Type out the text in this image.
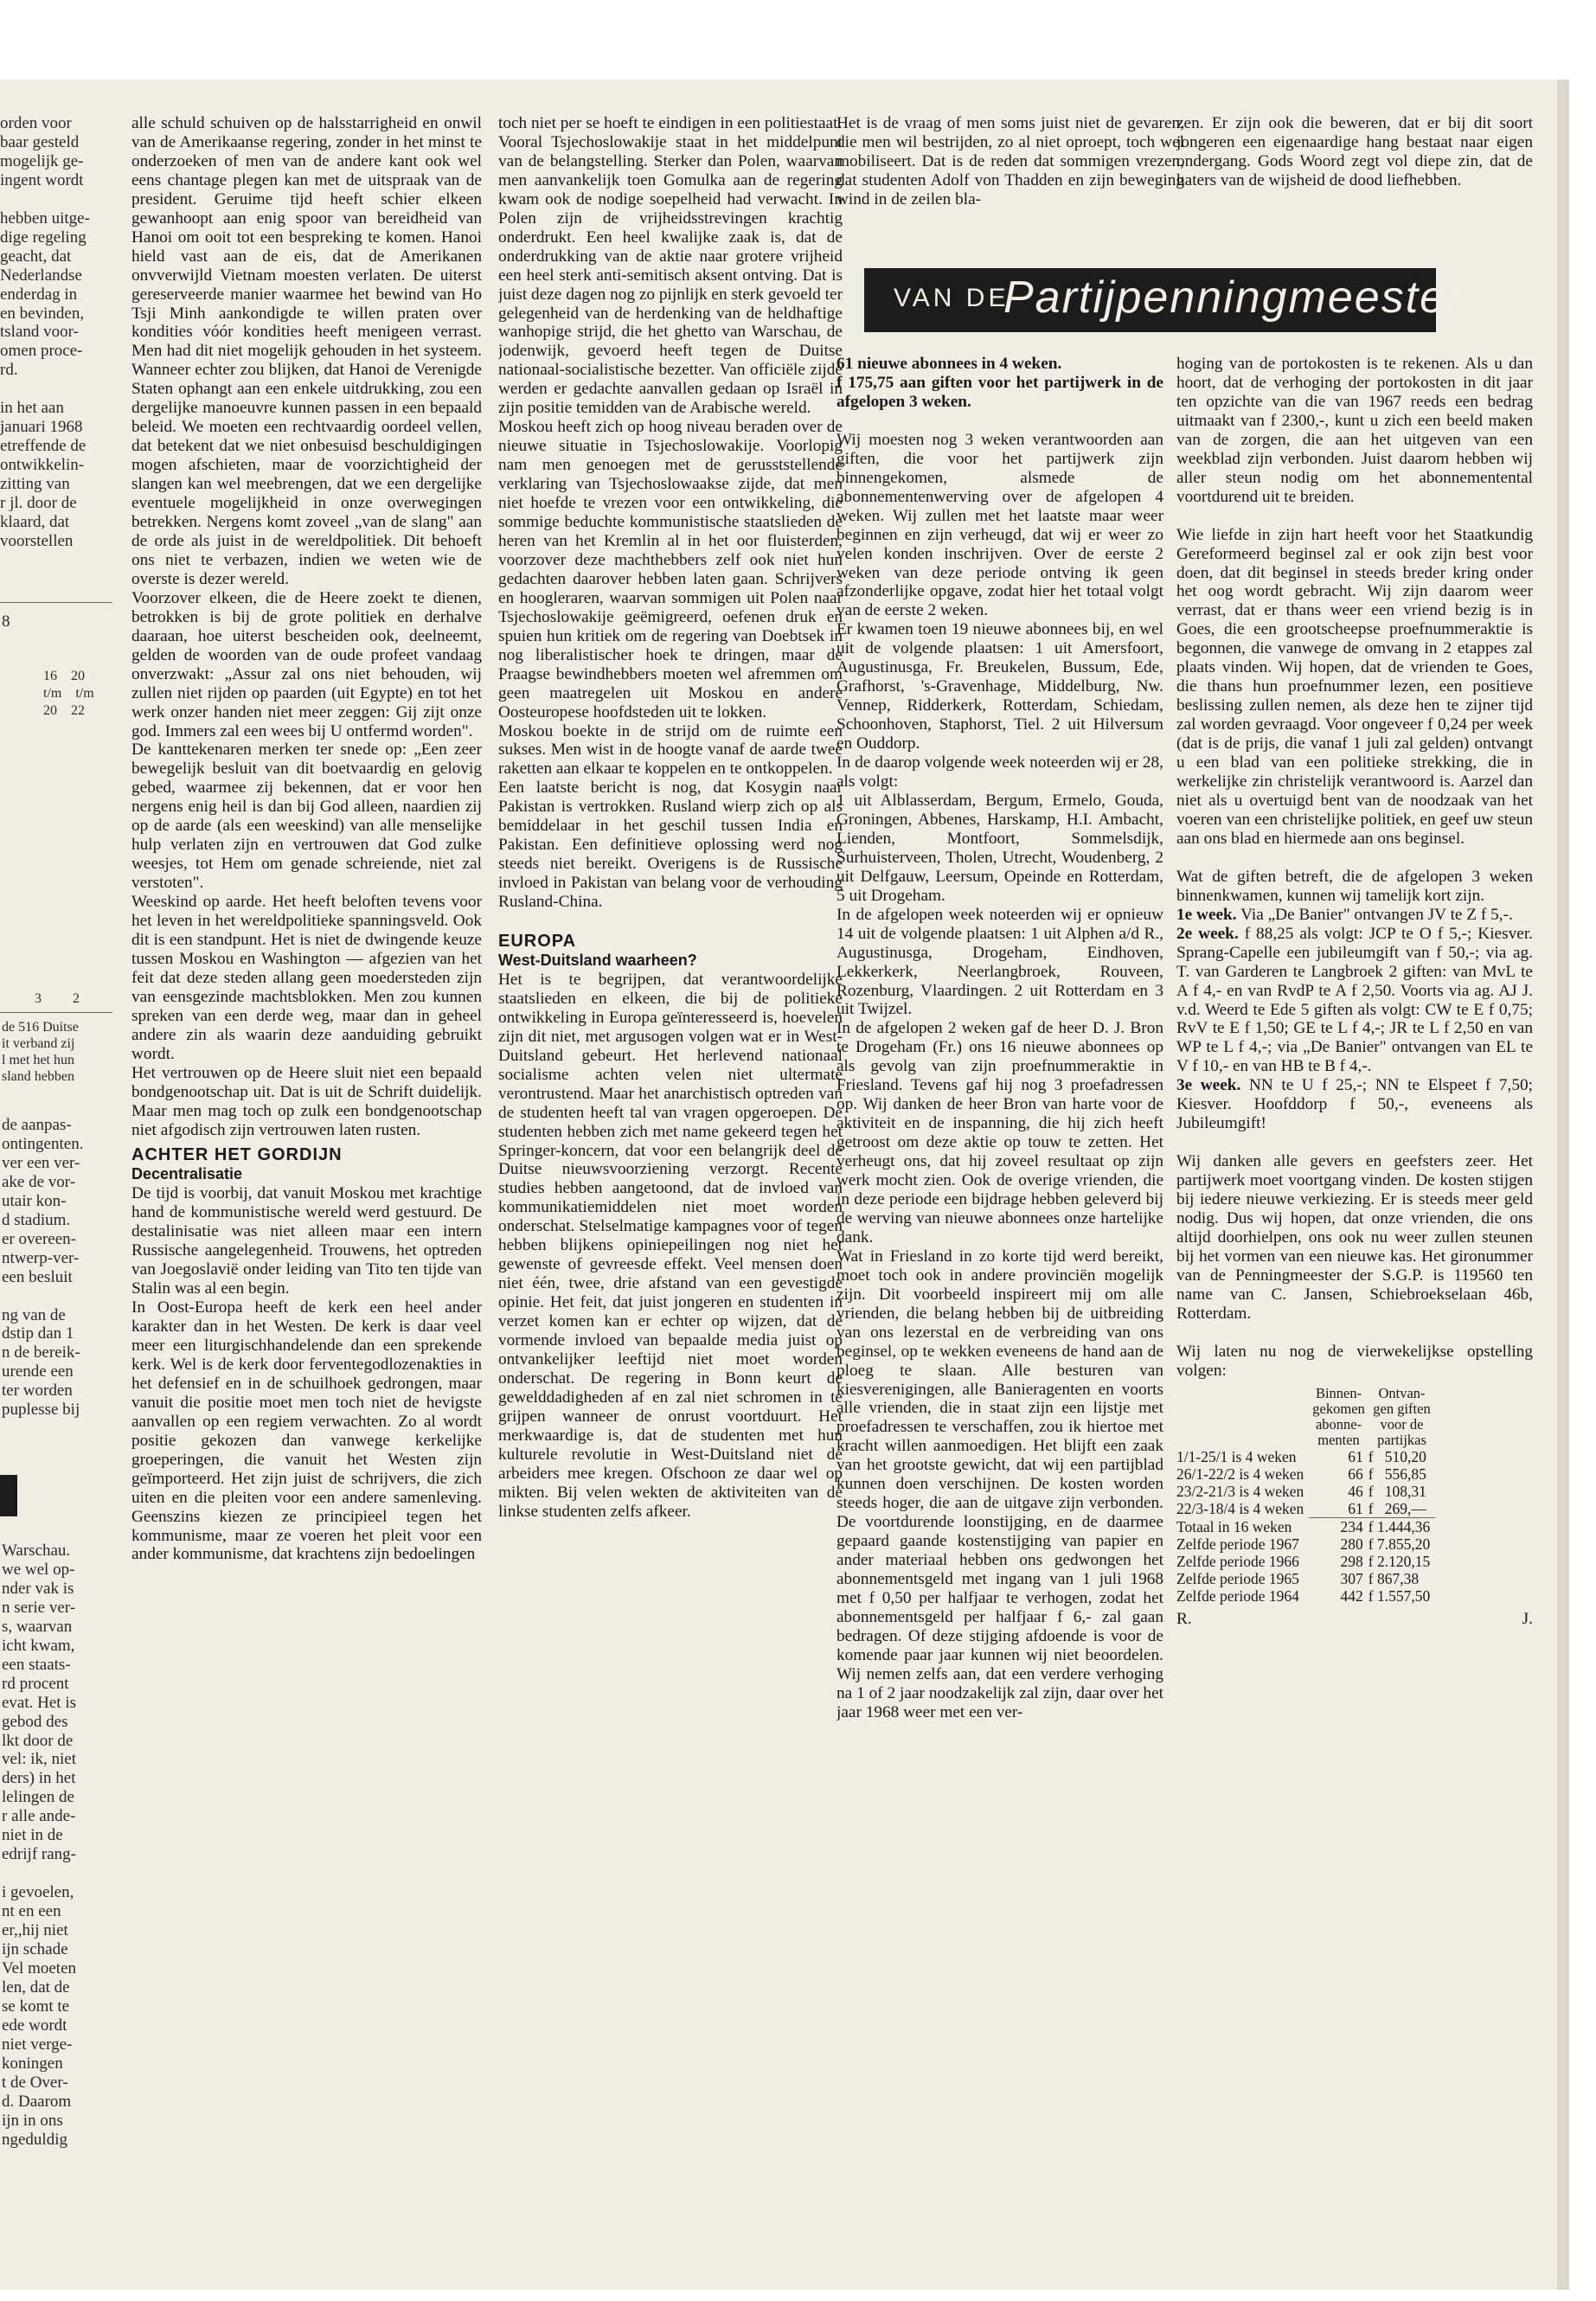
orden voor
baar gesteld
mogelijk ge-
ingent wordt

hebben uitge-
dige regeling
geacht, dat
Nederlandse
enderdag in
en bevinden,
tsland voor-
omen proce-
rd.

in het aan
januari 1968
etreffende de
ontwikkelin-
zitting van
r jl. door de
klaard, dat
voorstellen
8
16 20
t/m t/m
20 22
3 2
de 516 Duitse
it verband zij
l met het hun
sland hebben
de aanpas-
ontingenten.
ver een ver-
ake de vor-
utair kon-
d stadium.
er overeen-
ntwerp-ver-
een besluit

ng van de
dstip dan 1
n de bereik-
urende een
ter worden
puplesse bij
Warschau.
we wel op-
nder vak is
n serie ver-
s, waarvan
icht kwam,
een staats-
rd procent
evat. Het is
gebod des
lkt door de
vel: ik, niet
ders) in het
lelingen de
r alle ande-
niet in de
edrijf rang-

i gevoelen,
nt en een
er,,hij niet
ijn schade
Vel moeten
len, dat de
se komt te
ede wordt
niet verge-
koningen
t de Over-
d. Daarom
ijn in ons
ngeduldig

alle schuld schuiven op de halsstarrigheid en onwil van de Amerikaanse regering, zonder in het minst te onderzoeken of men van de andere kant ook wel eens chantage plegen kan met de uitspraak van de president. Geruime tijd heeft schier elkeen gewanhoopt aan enig spoor van bereidheid van Hanoi om ooit tot een bespreking te komen. Hanoi hield vast aan de eis, dat de Amerikanen onvverwijld Vietnam moesten verlaten. De uiterst gereserveerde manier waarmee het bewind van Ho Tsji Minh aankondigde te willen praten over kondities vóór kondities heeft menigeen verrast. Men had dit niet mogelijk gehouden in het systeem. Wanneer echter zou blijken, dat Hanoi de Verenigde Staten ophangt aan een enkele uitdrukking, zou een dergelijke manoeuvre kunnen passen in een bepaald beleid. We moeten een rechtvaardig oordeel vellen, dat betekent dat we niet onbesuisd beschuldigingen mogen afschieten, maar de voorzichtigheid der slangen kan wel meebrengen, dat we een dergelijke eventuele mogelijkheid in onze overwegingen betrekken. Nergens komt zoveel „van de slang" aan de orde als juist in de wereldpolitiek. Dit behoeft ons niet te verbazen, indien we weten wie de overste is dezer wereld.

Voorzover elkeen, die de Heere zoekt te dienen, betrokken is bij de grote politiek en derhalve daaraan, hoe uiterst bescheiden ook, deelneemt, gelden de woorden van de oude profeet vandaag onverzwakt: „Assur zal ons niet behouden, wij zullen niet rijden op paarden (uit Egypte) en tot het werk onzer handen niet meer zeggen: Gij zijt onze god. Immers zal een wees bij U ontfermd worden".

De kanttekenaren merken ter snede op: „Een zeer bewegelijk besluit van dit boetvaardig en gelovig gebed, waarmee zij bekennen, dat er voor hen nergens enig heil is dan bij God alleen, naardien zij op de aarde (als een weeskind) van alle menselijke hulp verlaten zijn en vertrouwen dat God zulke weesjes, tot Hem om genade schreiende, niet zal verstoten".

Weeskind op aarde. Het heeft beloften tevens voor het leven in het wereldpolitieke spanningsveld. Ook dit is een standpunt. Het is niet de dwingende keuze tussen Moskou en Washington — afgezien van het feit dat deze steden allang geen moedersteden zijn van eensgezinde machtsblokken. Men zou kunnen spreken van een derde weg, maar dan in geheel andere zin als waarin deze aanduiding gebruikt wordt.

Het vertrouwen op de Heere sluit niet een bepaald bondgenootschap uit. Dat is uit de Schrift duidelijk. Maar men mag toch op zulk een bondgenootschap niet afgodisch zijn vertrouwen laten rusten.

ACHTER HET GORDIJN
Decentralisatie

De tijd is voorbij, dat vanuit Moskou met krachtige hand de kommunistische wereld werd gestuurd. De destalinisatie was niet alleen maar een intern Russische aangelegenheid. Trouwens, het optreden van Joegoslavië onder leiding van Tito ten tijde van Stalin was al een begin.

In Oost-Europa heeft de kerk een heel ander karakter dan in het Westen. De kerk is daar veel meer een liturgischhandelende dan een sprekende kerk. Wel is de kerk door ferventegodlozenakties in het defensief en in de schuilhoek gedrongen, maar vanuit die positie moet men toch niet de hevigste aanvallen op een regiem verwachten. Zo al wordt positie gekozen dan vanwege kerkelijke groeperingen, die vanuit het Westen zijn geïmporteerd. Het zijn juist de schrijvers, die zich uiten en die pleiten voor een andere samenleving. Geenszins kiezen ze principieel tegen het kommunisme, maar ze voeren het pleit voor een ander kommunisme, dat krachtens zijn bedoelingen

toch niet per se hoeft te eindigen in een politiestaat.

Vooral Tsjechoslowakije staat in het middelpunt van de belangstelling. Sterker dan Polen, waarvan men aanvankelijk toen Gomulka aan de regering kwam ook de nodige soepelheid had verwacht. In Polen zijn de vrijheidsstrevingen krachtig onderdrukt. Een heel kwalijke zaak is, dat de onderdrukking van de aktie naar grotere vrijheid een heel sterk anti-semitisch aksent ontving. Dat is juist deze dagen nog zo pijnlijk en sterk gevoeld ter gelegenheid van de herdenking van de heldhaftige wanhopige strijd, die het ghetto van Warschau, de jodenwijk, gevoerd heeft tegen de Duitse nationaal-socialistische bezetter. Van officiële zijde werden er gedachte aanvallen gedaan op Israël in zijn positie temidden van de Arabische wereld.

Moskou heeft zich op hoog niveau beraden over de nieuwe situatie in Tsjechoslowakije. Voorlopig nam men genoegen met de gerusststellende verklaring van Tsjechoslowaakse zijde, dat men niet hoefde te vrezen voor een ontwikkeling, die sommige beduchte kommunistische staatslieden de heren van het Kremlin al in het oor fluisterden, voorzover deze machthebbers zelf ook niet hun gedachten daarover hebben laten gaan. Schrijvers en hoogleraren, waarvan sommigen uit Polen naar Tsjechoslowakije geëmigreerd, oefenen druk en spuien hun kritiek om de regering van Doebtsek in nog liberalistischer hoek te dringen, maar de Praagse bewindhebbers moeten wel afremmen om geen maatregelen uit Moskou en andere Oosteuropese hoofdsteden uit te lokken.

Moskou boekte in de strijd om de ruimte een sukses. Men wist in de hoogte vanaf de aarde twee raketten aan elkaar te koppelen en te ontkoppelen.

Een laatste bericht is nog, dat Kosygin naar Pakistan is vertrokken. Rusland wierp zich op als bemiddelaar in het geschil tussen India en Pakistan. Een definitieve oplossing werd nog steeds niet bereikt. Overigens is de Russische invloed in Pakistan van belang voor de verhouding Rusland-China.

EUROPA
West-Duitsland waarheen?

Het is te begrijpen, dat verantwoordelijke staatslieden en elkeen, die bij de politieke ontwikkeling in Europa geïnteresseerd is, hoevelen zijn dit niet, met argusogen volgen wat er in West-Duitsland gebeurt. Het herlevend nationaal socialisme achten velen niet ultermate verontrustend. Maar het anarchistisch optreden van de studenten heeft tal van vragen opgeroepen. De studenten hebben zich met name gekeerd tegen het Springer-koncern, dat voor een belangrijk deel de Duitse nieuwsvoorziening verzorgt. Recente studies hebben aangetoond, dat de invloed van kommunikatiemiddelen niet moet worden onderschat. Stelselmatige kampagnes voor of tegen hebben blijkens opiniepeilingen nog niet het gewenste of gevreesde effekt. Veel mensen doen niet één, twee, drie afstand van een gevestigde opinie. Het feit, dat juist jongeren en studenten in verzet komen kan er echter op wijzen, dat de vormende invloed van bepaalde media juist op ontvankelijker leeftijd niet moet worden onderschat. De regering in Bonn keurt de gewelddadigheden af en zal niet schromen in te grijpen wanneer de onrust voortduurt. Het merkwaardige is, dat de studenten met hun kulturele revolutie in West-Duitsland niet de arbeiders mee kregen. Ofschoon ze daar wel op mikten. Bij velen wekten de aktiviteiten van de linkse studenten zelfs afkeer.

Het is de vraag of men soms juist niet de gevaren, die men wil bestrijden, zo al niet oproept, toch wel mobiliseert. Dat is de reden dat sommigen vrezen, dat studenten Adolf von Thadden en zijn beweging wind in de zeilen bla-

zen. Er zijn ook die beweren, dat er bij dit soort jongeren een eigenaardige hang bestaat naar eigen ondergang. Gods Woord zegt vol diepe zin, dat de haters van de wijsheid de dood liefhebben.

VAN DE
Partijpenningmeester

61 nieuwe abonnees in 4 weken.

f 175,75 aan giften voor het partijwerk in de afgelopen 3 weken.

Wij moesten nog 3 weken verantwoorden aan giften, die voor het partijwerk zijn binnengekomen, alsmede de abonnementenwerving over de afgelopen 4 weken. Wij zullen met het laatste maar weer beginnen en zijn verheugd, dat wij er weer zo velen konden inschrijven. Over de eerste 2 weken van deze periode ontving ik geen afzonderlijke opgave, zodat hier het totaal volgt van de eerste 2 weken.

Er kwamen toen 19 nieuwe abonnees bij, en wel uit de volgende plaatsen: 1 uit Amersfoort, Augustinusga, Fr. Breukelen, Bussum, Ede, Grafhorst, 's-Gravenhage, Middelburg, Nw. Vennep, Ridderkerk, Rotterdam, Schiedam, Schoonhoven, Staphorst, Tiel. 2 uit Hilversum en Ouddorp.

In de daarop volgende week noteerden wij er 28, als volgt:

1 uit Alblasserdam, Bergum, Ermelo, Gouda, Groningen, Abbenes, Harskamp, H.I. Ambacht, Lienden, Montfoort, Sommelsdijk, Surhuisterveen, Tholen, Utrecht, Woudenberg, 2 uit Delfgauw, Leersum, Opeinde en Rotterdam, 5 uit Drogeham.

In de afgelopen week noteerden wij er opnieuw 14 uit de volgende plaatsen: 1 uit Alphen a/d R., Augustinusga, Drogeham, Eindhoven, Lekkerkerk, Neerlangbroek, Rouveen, Rozenburg, Vlaardingen. 2 uit Rotterdam en 3 uit Twijzel.

In de afgelopen 2 weken gaf de heer D. J. Bron te Drogeham (Fr.) ons 16 nieuwe abonnees op als gevolg van zijn proefnummeraktie in Friesland. Tevens gaf hij nog 3 proefadressen op. Wij danken de heer Bron van harte voor de aktiviteit en de inspanning, die hij zich heeft getroost om deze aktie op touw te zetten. Het verheugt ons, dat hij zoveel resultaat op zijn werk mocht zien. Ook de overige vrienden, die in deze periode een bijdrage hebben geleverd bij de werving van nieuwe abonnees onze hartelijke dank.

Wat in Friesland in zo korte tijd werd bereikt, moet toch ook in andere provinciën mogelijk zijn. Dit voorbeeld inspireert mij om alle vrienden, die belang hebben bij de uitbreiding van ons lezerstal en de verbreiding van ons beginsel, op te wekken eveneens de hand aan de ploeg te slaan. Alle besturen van kiesverenigingen, alle Banieragenten en voorts alle vrienden, die in staat zijn een lijstje met proefadressen te verschaffen, zou ik hiertoe met kracht willen aanmoedigen. Het blijft een zaak van het grootste gewicht, dat wij een partijblad kunnen doen verschijnen. De kosten worden steeds hoger, die aan de uitgave zijn verbonden. De voortdurende loonstijging, en de daarmee gepaard gaande kostenstijging van papier en ander materiaal hebben ons gedwongen het abonnementsgeld met ingang van 1 juli 1968 met f 0,50 per halfjaar te verhogen, zodat het abonnementsgeld per halfjaar f 6,- zal gaan bedragen. Of deze stijging afdoende is voor de komende paar jaar kunnen wij niet beoordelen. Wij nemen zelfs aan, dat een verdere verhoging na 1 of 2 jaar noodzakelijk zal zijn, daar over het jaar 1968 weer met een ver-

hoging van de portokosten is te rekenen. Als u dan hoort, dat de verhoging der portokosten in dit jaar ten opzichte van die van 1967 reeds een bedrag uitmaakt van f 2300,-, kunt u zich een beeld maken van de zorgen, die aan het uitgeven van een weekblad zijn verbonden. Juist daarom hebben wij aller steun nodig om het abonnementental voortdurend uit te breiden.

Wie liefde in zijn hart heeft voor het Staatkundig Gereformeerd beginsel zal er ook zijn best voor doen, dat dit beginsel in steeds breder kring onder het oog wordt gebracht. Wij zijn daarom weer verrast, dat er thans weer een vriend bezig is in Goes, die een grootscheepse proefnummeraktie is begonnen, die vanwege de omvang in 2 etappes zal plaats vinden. Wij hopen, dat de vrienden te Goes, die thans hun proefnummer lezen, een positieve beslissing zullen nemen, als deze hen te zijner tijd zal worden gevraagd. Voor ongeveer f 0,24 per week (dat is de prijs, die vanaf 1 juli zal gelden) ontvangt u een blad van een politieke strekking, die in werkelijke zin christelijk verantwoord is. Aarzel dan niet als u overtuigd bent van de noodzaak van het voeren van een christelijke politiek, en geef uw steun aan ons blad en hiermede aan ons beginsel.

Wat de giften betreft, die de afgelopen 3 weken binnenkwamen, kunnen wij tamelijk kort zijn.

1e week. Via „De Banier" ontvangen JV te Z f 5,-.

2e week. f 88,25 als volgt: JCP te O f 5,-; Kiesver. Sprang-Capelle een jubileumgift van f 50,-; via ag. T. van Garderen te Langbroek 2 giften: van MvL te A f 4,- en van RvdP te A f 2,50. Voorts via ag. AJ J. v.d. Weerd te Ede 5 giften als volgt: CW te E f 0,75; RvV te E f 1,50; GE te L f 4,-; JR te L f 2,50 en van WP te L f 4,-; via „De Banier" ontvangen van EL te V f 10,- en van HB te B f 4,-.

3e week. NN te U f 25,-; NN te Elspeet f 7,50; Kiesver. Hoofddorp f 50,-, eveneens als Jubileumgift!

Wij danken alle gevers en geefsters zeer. Het partijwerk moet voortgang vinden. De kosten stijgen bij iedere nieuwe verkiezing. Er is steeds meer geld nodig. Dus wij hopen, dat onze vrienden, die ons altijd doorhielpen, ons ook nu weer zullen steunen bij het vormen van een nieuwe kas. Het gironummer van de Penningmeester der S.G.P. is 119560 ten name van C. Jansen, Schiebroekselaan 46b, Rotterdam.

Wij laten nu nog de vierwekelijkse opstelling volgen:

	Binnen-
gekomen
abonne-
menten	Ontvan-
gen giften
voor de
partijkas
1/1-25/1 is 4 weken	61	f   510,20
26/1-22/2 is 4 weken	66	f   556,85
23/2-21/3 is 4 weken	46	f   108,31
22/3-18/4 is 4 weken	61	f   269,—

Totaal in 16 weken	234	f 1.444,36
Zelfde periode 1967	280	f 7.855,20
Zelfde periode 1966	298	f 2.120,15
Zelfde periode 1965	307	f 867,38
Zelfde periode 1964	442	f 1.557,50
R.	J.
